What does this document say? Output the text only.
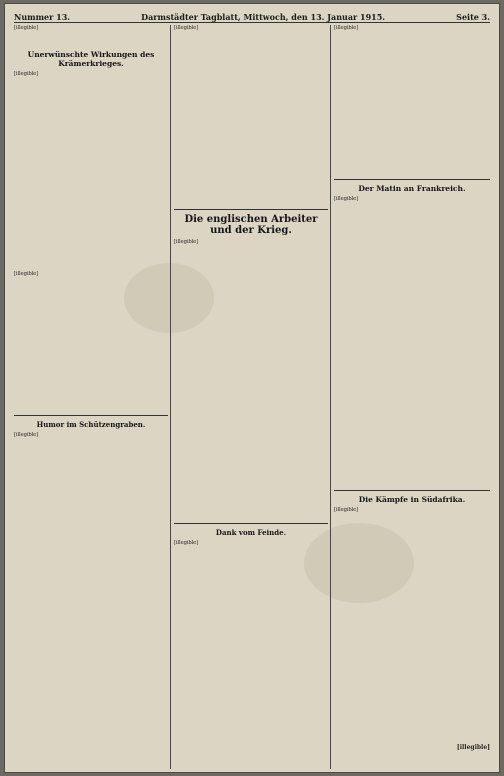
Nummer 13.	Darmstädter Tagblatt, Mittwoch, den 13. Januar 1915.	Seite 3.
[illegible]
Unerwünschte Wirkungen des Krämerkrieges.
[illegible]
[illegible]
Humor im Schützengraben.
[illegible]
[illegible]
Die englischen Arbeiter und der Krieg.
[illegible]
Dank vom Feinde.
[illegible]
[illegible]
Der Matin an Frankreich.
[illegible]
Die Kämpfe in Südafrika.
[illegible]
[illegible]
